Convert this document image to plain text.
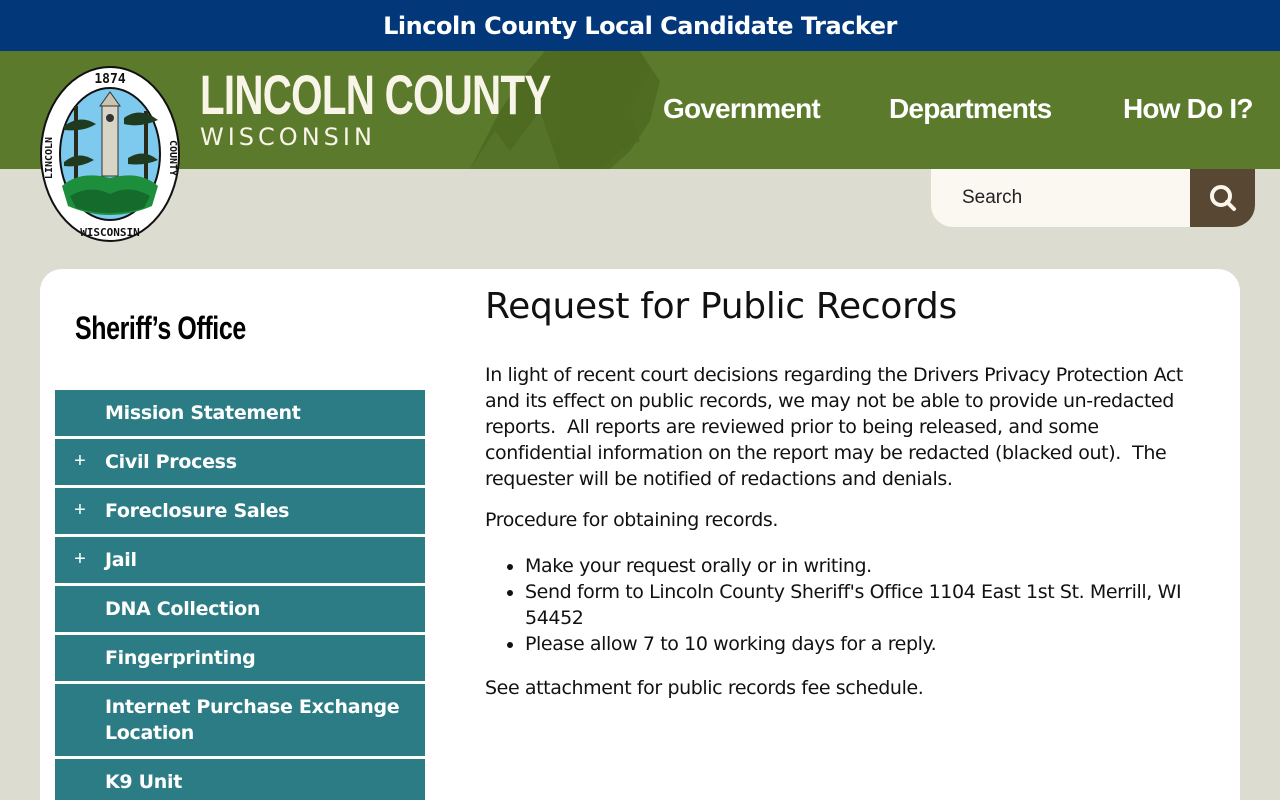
Lincoln County Local Candidate Tracker
LINCOLN COUNTY
WISCONSIN
Government Departments	How Do I?
1874
WISCONSIN
LINCOLN	COUNTY
Search
Sheriff’s Office
Mission Statement
+	Civil Process
+	Foreclosure Sales
+	Jail
DNA Collection
Fingerprinting
Internet Purchase Exchange Location
K9 Unit
Request for Public Records

In light of recent court decisions regarding the Drivers Privacy Protection Act and its effect on public records, we may not be able to provide un-redacted reports.  All reports are reviewed prior to being released, and some confidential information on the report may be redacted (blacked out).  The requester will be notified of redactions and denials.

Procedure for obtaining records.

• Make your request orally or in writing.
• Send form to Lincoln County Sheriff's Office 1104 East 1st St. Merrill, WI 54452
• Please allow 7 to 10 working days for a reply.

See attachment for public records fee schedule.
